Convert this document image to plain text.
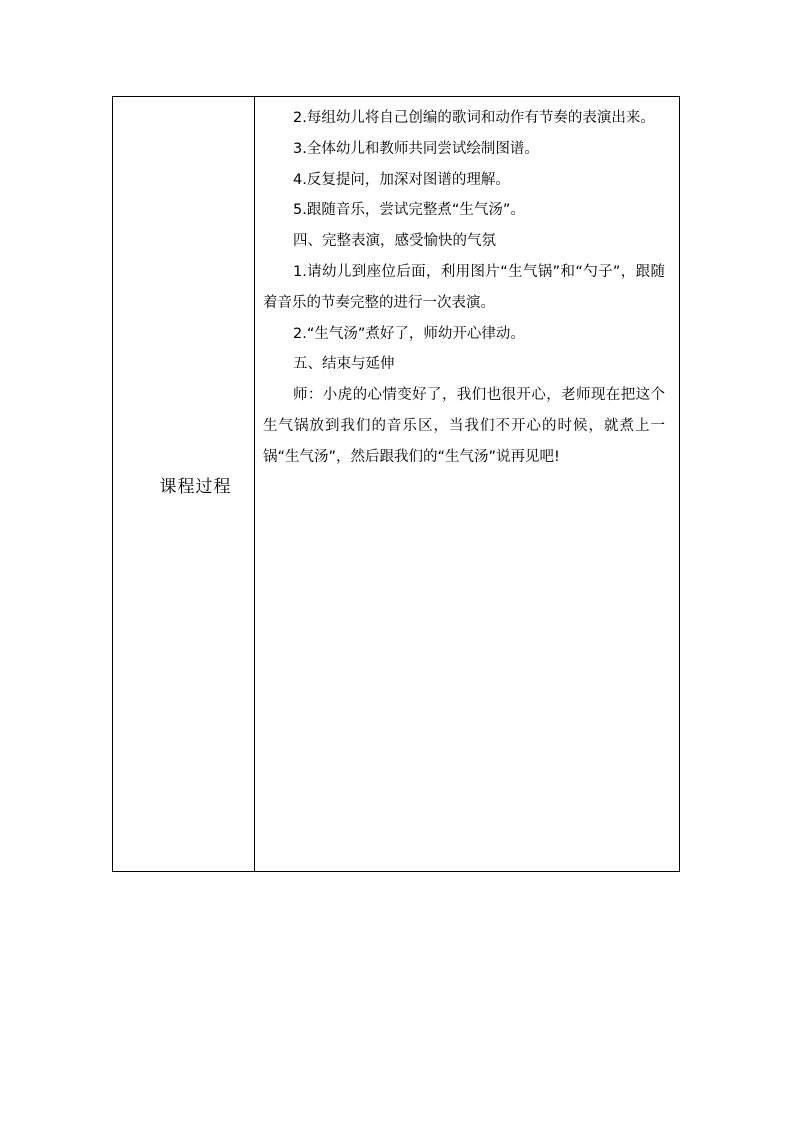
课程过程

2.每组幼儿将自己创编的歌词和动作有节奏的表演出来。

3.全体幼儿和教师共同尝试绘制图谱。

4.反复提问，加深对图谱的理解。

5.跟随音乐，尝试完整煮“生气汤”。

四、完整表演，感受愉快的气氛

1.请幼儿到座位后面，利用图片“生气锅”和“勺子”，跟随着音乐的节奏完整的进行一次表演。

2.“生气汤”煮好了，师幼开心律动。

五、结束与延伸

师：小虎的心情变好了，我们也很开心，老师现在把这个生气锅放到我们的音乐区，当我们不开心的时候，就煮上一锅“生气汤”，然后跟我们的“生气汤”说再见吧!
